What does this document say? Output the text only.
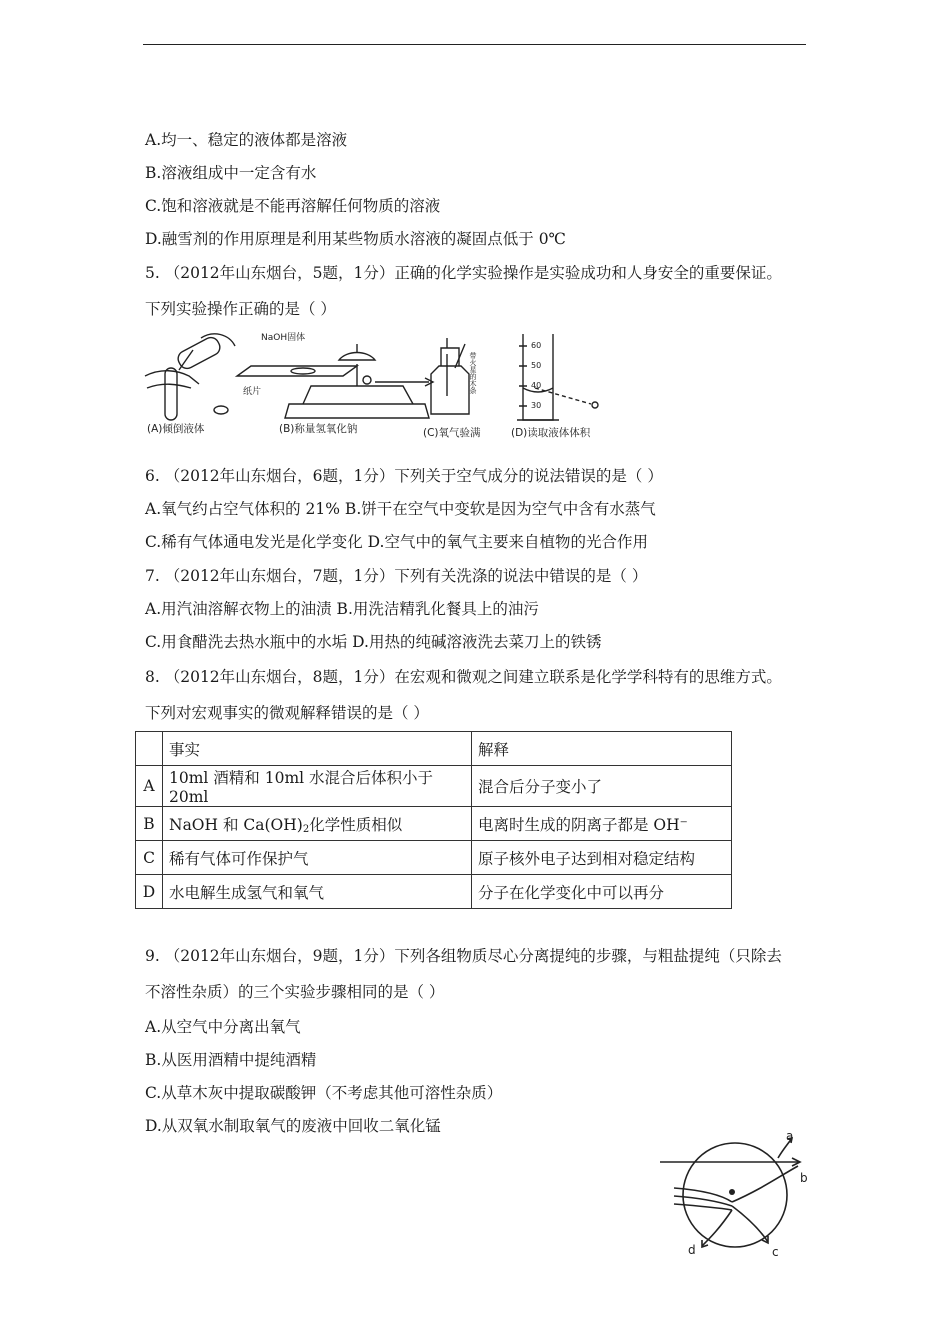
A.均一、稳定的液体都是溶液
B.溶液组成中一定含有水
C.饱和溶液就是不能再溶解任何物质的溶液
D.融雪剂的作用原理是利用某些物质水溶液的凝固点低于 0℃
5. （2012年山东烟台，5题，1分）正确的化学实验操作是实验成功和人身安全的重要保证。
下列实验操作正确的是（ ）
NaOH固体
纸片	带火星的木条
60
50
40
30
(A)倾倒液体	(B)称量氢氧化钠	(C)氧气验满	(D)读取液体体积
6. （2012年山东烟台，6题，1分）下列关于空气成分的说法错误的是（ ）
A.氧气约占空气体积的 21% B.饼干在空气中变软是因为空气中含有水蒸气
C.稀有气体通电发光是化学变化 D.空气中的氧气主要来自植物的光合作用
7. （2012年山东烟台，7题，1分）下列有关洗涤的说法中错误的是（ ）
A.用汽油溶解衣物上的油渍 B.用洗洁精乳化餐具上的油污
C.用食醋洗去热水瓶中的水垢 D.用热的纯碱溶液洗去菜刀上的铁锈
8. （2012年山东烟台，8题，1分）在宏观和微观之间建立联系是化学学科特有的思维方式。
下列对宏观事实的微观解释错误的是（ ）
	事实	解释
A	10ml 酒精和 10ml 水混合后体积小于 20ml	混合后分子变小了
B	NaOH 和 $Ca(OH)_2$化学性质相似	电离时生成的阴离子都是 OH⁻
C	稀有气体可作保护气	原子核外电子达到相对稳定结构
D	水电解生成氢气和氧气	分子在化学变化中可以再分
9. （2012年山东烟台，9题，1分）下列各组物质尽心分离提纯的步骤，与粗盐提纯（只除去
不溶性杂质）的三个实验步骤相同的是（ ）
A.从空气中分离出氧气
B.从医用酒精中提纯酒精
C.从草木灰中提取碳酸钾（不考虑其他可溶性杂质）
D.从双氧水制取氧气的废液中回收二氧化锰
a
b
c
d
